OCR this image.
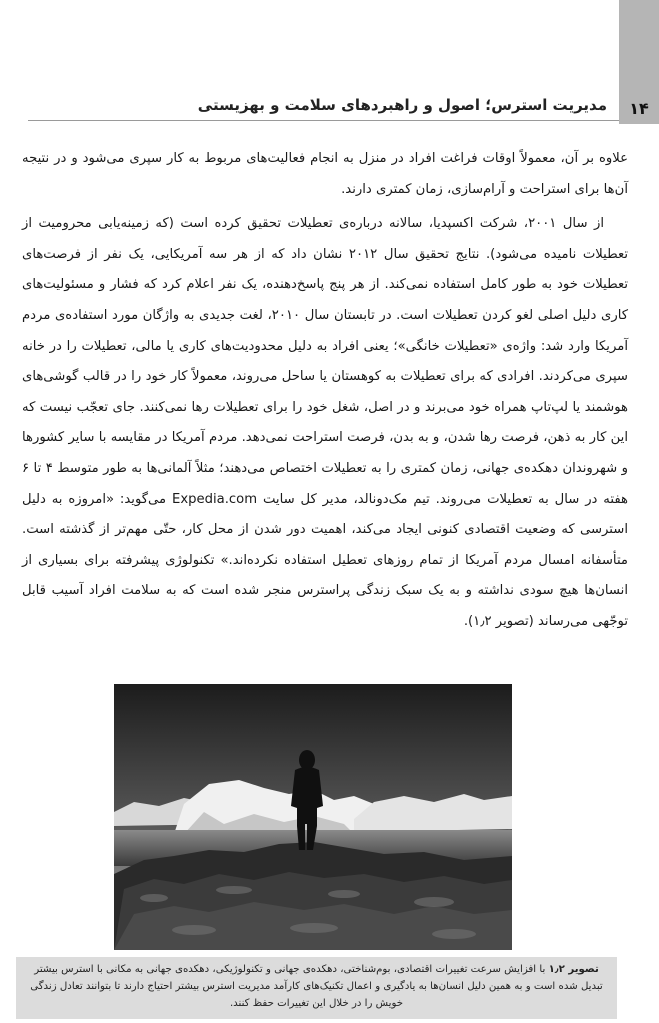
۱۴
مدیریت استرس؛ اصول و راهبردهای سلامت و بهزیستی

علاوه بر آن، معمولاً اوقات فراغت افراد در منزل به انجام فعالیت‌های مربوط به کار سپری می‌شود و در نتیجه آن‌ها برای استراحت و آرام‌سازی، زمان کمتری دارند.

از سال ۲۰۰۱، شرکت اکسپدیا، سالانه درباره‌ی تعطیلات تحقیق کرده است (که زمینه‌یابی محرومیت از تعطیلات نامیده می‌شود). نتایج تحقیق سال ۲۰۱۲ نشان داد که از هر سه آمریکایی، یک نفر از فرصت‌های تعطیلات خود به طور کامل استفاده نمی‌کند. از هر پنج پاسخ‌دهنده، یک نفر اعلام کرد که فشار و مسئولیت‌های کاری دلیل اصلی لغو کردن تعطیلات است. در تابستان سال ۲۰۱۰، لغت جدیدی به واژگان مورد استفاده‌ی مردم آمریکا وارد شد: واژه‌ی «تعطیلات خانگی»؛ یعنی افراد به دلیل محدودیت‌های کاری یا مالی، تعطیلات را در خانه سپری می‌کردند. افرادی که برای تعطیلات به کوهستان یا ساحل می‌روند، معمولاً کار خود را در قالب گوشی‌های هوشمند یا لپ‌تاپ همراه خود می‌برند و در اصل، شغل خود را برای تعطیلات رها نمی‌کنند. جای تعجّب نیست که این کار به ذهن، فرصت رها شدن، و به بدن، فرصت استراحت نمی‌دهد. مردم آمریکا در مقایسه با سایر کشورها و شهروندان دهکده‌ی جهانی، زمان کمتری را به تعطیلات اختصاص می‌دهند؛ مثلاً آلمانی‌ها به طور متوسط ۴ تا ۶ هفته در سال به تعطیلات می‌روند. تیم مک‌دونالد، مدیر کل سایت Expedia.com می‌گوید: «امروزه به دلیل استرسی که وضعیت اقتصادی کنونی ایجاد می‌کند، اهمیت دور شدن از محل کار، حتّی مهم‌تر از گذشته است. متأسفانه امسال مردم آمریکا از تمام روزهای تعطیل استفاده نکرده‌اند.» تکنولوژی پیشرفته برای بسیاری از انسان‌ها هیچ سودی نداشته و به یک سبک زندگی پراسترس منجر شده است که به سلامت افراد آسیب قابل توجّهی می‌رساند (تصویر ۱٫۲).

تصویر ۱٫۲ با افزایش سرعت تغییرات اقتصادی، بوم‌شناختی، دهکده‌ی جهانی و تکنولوژیکی، دهکده‌ی جهانی به مکانی با استرس بیشتر تبدیل شده است و به همین دلیل انسان‌ها به یادگیری و اعمال تکنیک‌های کارآمد مدیریت استرس بیشتر احتیاج دارند تا بتوانند تعادل زندگی خویش را در خلال این تغییرات حفظ کنند.
